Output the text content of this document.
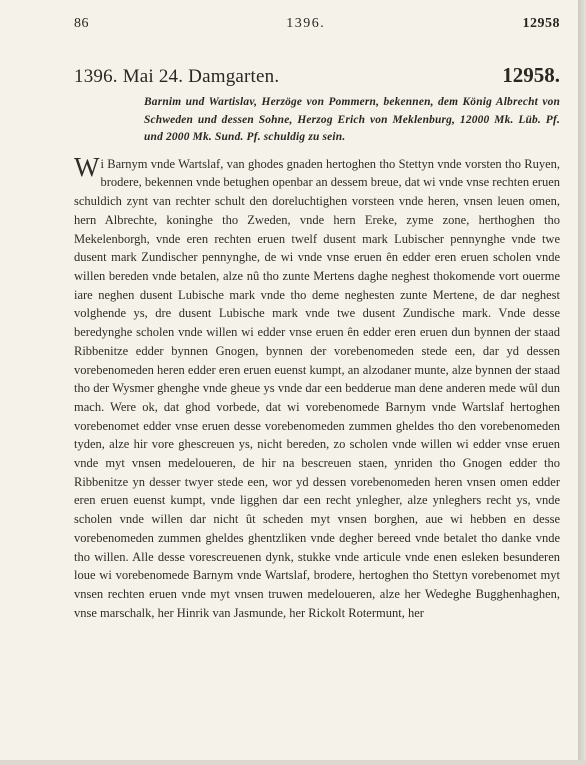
86	1396.	12958
1396. Mai 24. Damgarten.	12958.
Barnim und Wartislav, Herzöge von Pommern, bekennen, dem König Albrecht von Schweden und dessen Sohne, Herzog Erich von Meklenburg, 12000 Mk. Lüb. Pf. und 2000 Mk. Sund. Pf. schuldig zu sein.
Wi Barnym vnde Wartslaf, van ghodes gnaden hertoghen tho Stettyn vnde vorsten tho Ruyen, brodere, bekennen vnde betughen openbar an dessem breue, dat wi vnde vnse rechten eruen schuldich zynt van rechter schult den doreluchtighen vorsteen vnde heren, vnsen leuen omen, hern Albrechte, koninghe tho Zweden, vnde hern Ereke, zyme zone, herthoghen tho Mekelenborgh, vnde eren rechten eruen twelf dusent mark Lubischer pennynghe vnde twe dusent mark Zundischer pennynghe, de wi vnde vnse eruen ên edder eren eruen scholen vnde willen bereden vnde betalen, alze nû tho zunte Mertens daghe neghest thokomende vort ouerme iare neghen dusent Lubische mark vnde tho deme neghesten zunte Mertene, de dar neghest volghende ys, dre dusent Lubische mark vnde twe dusent Zundische mark. Vnde desse beredynghe scholen vnde willen wi edder vnse eruen ên edder eren eruen dun bynnen der staad Ribbenitze edder bynnen Gnogen, bynnen der vorebenomeden stede een, dar yd dessen vorebenomeden heren edder eren eruen euenst kumpt, an alzodaner munte, alze bynnen der staad tho der Wysmer ghenghe vnde gheue ys vnde dar een bedderue man dene anderen mede wûl dun mach. Were ok, dat ghod vorbede, dat wi vorebenomede Barnym vnde Wartslaf hertoghen vorebenomet edder vnse eruen desse vorebenomeden zummen gheldes tho den vorebenomeden tyden, alze hir vore ghescreuen ys, nicht bereden, zo scholen vnde willen wi edder vnse eruen vnde myt vnsen medeloueren, de hir na bescreuen staen, ynriden tho Gnogen edder tho Ribbenitze yn desser twyer stede een, wor yd dessen vorebenomeden heren vnsen omen edder eren eruen euenst kumpt, vnde ligghen dar een recht ynlegher, alze ynleghers recht ys, vnde scholen vnde willen dar nicht ût scheden myt vnsen borghen, aue wi hebben en desse vorebenomeden zummen gheldes ghentzliken vnde degher bereed vnde betalet tho danke vnde tho willen. Alle desse vorescreuenen dynk, stukke vnde articule vnde enen esleken besunderen loue wi vorebenomede Barnym vnde Wartslaf, brodere, hertoghen tho Stettyn vorebenomet myt vnsen rechten eruen vnde myt vnsen truwen medeloueren, alze her Wedeghe Bugghenhaghen, vnse marschalk, her Hinrik van Jasmunde, her Rickolt Rotermunt, her
